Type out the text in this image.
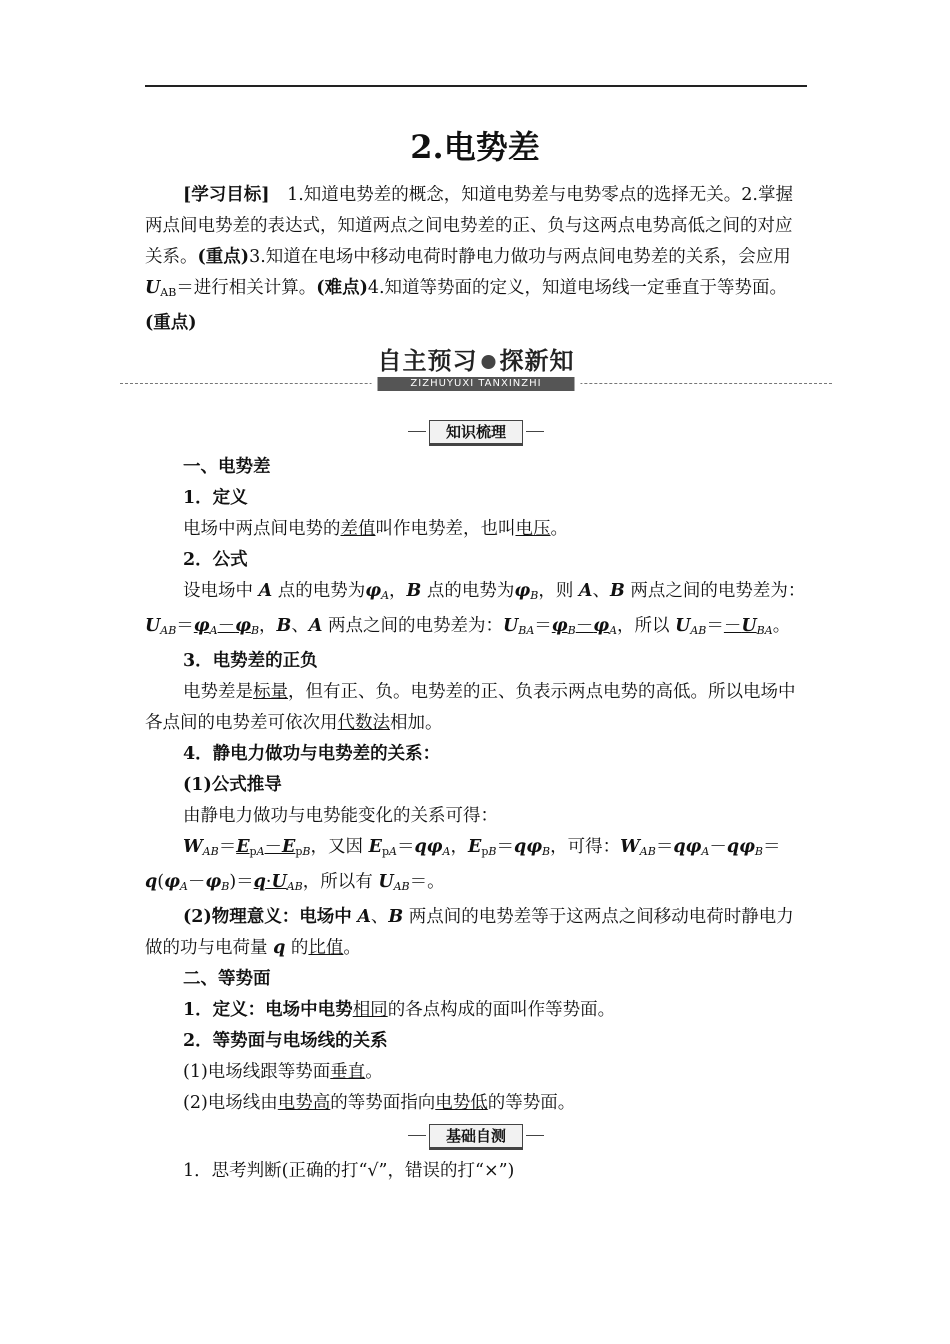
2.电势差

[学习目标]　 1.知道电势差的概念，知道电势差与电势零点的选择无关。2.掌握两点间电势差的表达式，知道两点之间电势差的正、负与这两点电势高低之间的对应关系。(重点)3.知道在电场中移动电荷时静电力做功与两点间电势差的关系，会应用 $U_{AB}=$进行相关计算。(难点)4.知道等势面的定义，知道电场线一定垂直于等势面。(重点)

自主预习 探新知
ZIZHUYUXI TANXINZHI
知识梳理

一、电势差

1．定义

电场中两点间电势的差值叫作电势差，也叫电压。

2．公式

设电场中 A 点的电势为$\varphi_A$，B 点的电势为$\varphi_B$，则 A、B 两点之间的电势差为：$U_{AB}=\varphi_A-\varphi_B$，B、A 两点之间的电势差为：$U_{BA}=\varphi_B-\varphi_A$，所以 $U_{AB}=-U_{BA}$。

3．电势差的正负

电势差是标量，但有正、负。电势差的正、负表示两点电势的高低。所以电场中各点间的电势差可依次用代数法相加。

4．静电力做功与电势差的关系：

(1)公式推导

由静电力做功与电势能变化的关系可得：

$W_{AB}=E_{pA}-E_{pB}$，又因 $E_{pA}=q\varphi_A$，$E_{pB}=q\varphi_B$，可得：$W_{AB}=q\varphi_A-q\varphi_B=q(\varphi_A-\varphi_B)=q\cdot U_{AB}$，所以有 $U_{AB}=$。

(2)物理意义：电场中 A、B 两点间的电势差等于这两点之间移动电荷时静电力做的功与电荷量 q 的比值。

二、等势面

1．定义：电场中电势相同的各点构成的面叫作等势面。

2．等势面与电场线的关系

(1)电场线跟等势面垂直。

(2)电场线由电势高的等势面指向电势低的等势面。

基础自测

1．思考判断(正确的打“√”，错误的打“×”)
